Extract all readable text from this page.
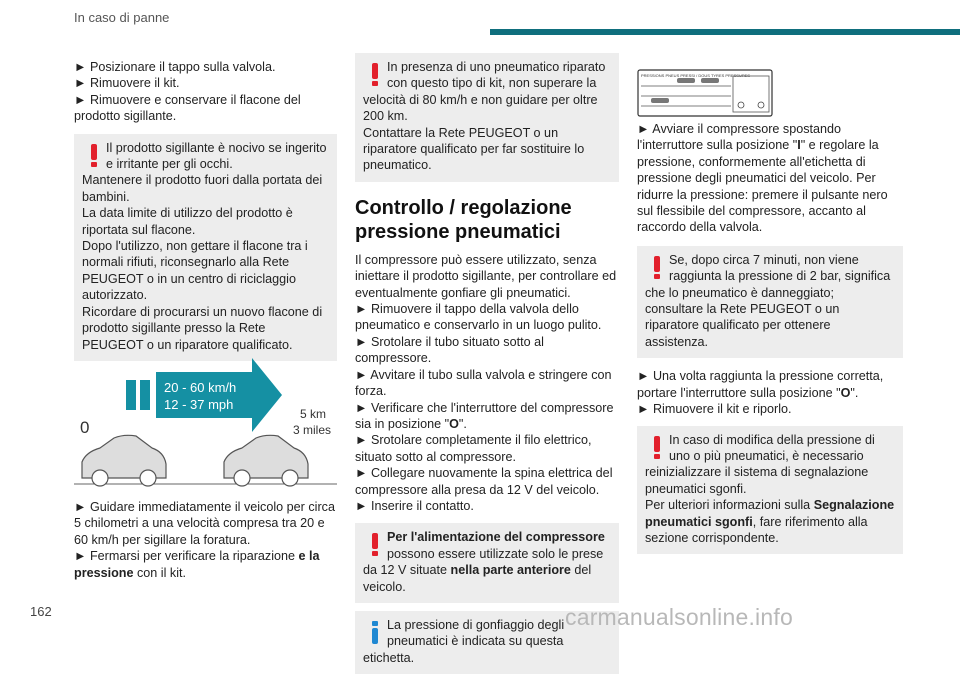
In caso di panne

► Posizionare il tappo sulla valvola.

► Rimuovere il kit.

► Rimuovere e conservare il flacone del prodotto sigillante.

Il prodotto sigillante è nocivo se ingerito e irritante per gli occhi.

Mantenere il prodotto fuori dalla portata dei bambini.

La data limite di utilizzo del prodotto è riportata sul flacone.

Dopo l'utilizzo, non gettare il flacone tra i normali rifiuti, riconsegnarlo alla Rete PEUGEOT o in un centro di riciclaggio autorizzato.

Ricordare di procurarsi un nuovo flacone di prodotto sigillante presso la Rete PEUGEOT o un riparatore qualificato.

20 - 60 km/h
12 - 37 mph
5 km
3 miles
0

► Guidare immediatamente il veicolo per circa 5 chilometri a una velocità compresa tra 20 e 60 km/h per sigillare la foratura.

► Fermarsi per verificare la riparazione e la pressione con il kit.

In presenza di uno pneumatico riparato con questo tipo di kit, non superare la velocità di 80 km/h e non guidare per oltre 200 km.

Contattare la Rete PEUGEOT o un riparatore qualificato per far sostituire lo pneumatico.

Controllo / regolazione pressione pneumatici

Il compressore può essere utilizzato, senza iniettare il prodotto sigillante, per controllare ed eventualmente gonfiare gli pneumatici.

► Rimuovere il tappo della valvola dello pneumatico e conservarlo in un luogo pulito.

► Srotolare il tubo situato sotto al compressore.

► Avvitare il tubo sulla valvola e stringere con forza.

► Verificare che l'interruttore del compressore sia in posizione "O".

► Srotolare completamente il filo elettrico, situato sotto al compressore.

► Collegare nuovamente la spina elettrica del compressore alla presa da 12 V del veicolo.

► Inserire il contatto.

Per l'alimentazione del compressore possono essere utilizzate solo le prese da 12 V situate nella parte anteriore del veicolo.

La pressione di gonfiaggio degli pneumatici è indicata su questa etichetta.

PRESSIONS PNEUS PRESSI / DOUS TYRES PRESSURES

► Avviare il compressore spostando l'interruttore sulla posizione "I" e regolare la pressione, conformemente all'etichetta di pressione degli pneumatici del veicolo. Per ridurre la pressione: premere il pulsante nero sul flessibile del compressore, accanto al raccordo della valvola.

Se, dopo circa 7 minuti, non viene raggiunta la pressione di 2 bar, significa che lo pneumatico è danneggiato; consultare la Rete PEUGEOT o un riparatore qualificato per ottenere assistenza.

► Una volta raggiunta la pressione corretta, portare l'interruttore sulla posizione "O".

► Rimuovere il kit e riporlo.

In caso di modifica della pressione di uno o più pneumatici, è necessario reinizializzare il sistema di segnalazione pneumatici sgonfi.

Per ulteriori informazioni sulla Segnalazione pneumatici sgonfi, fare riferimento alla sezione corrispondente.

162	carmanualsonline.info
